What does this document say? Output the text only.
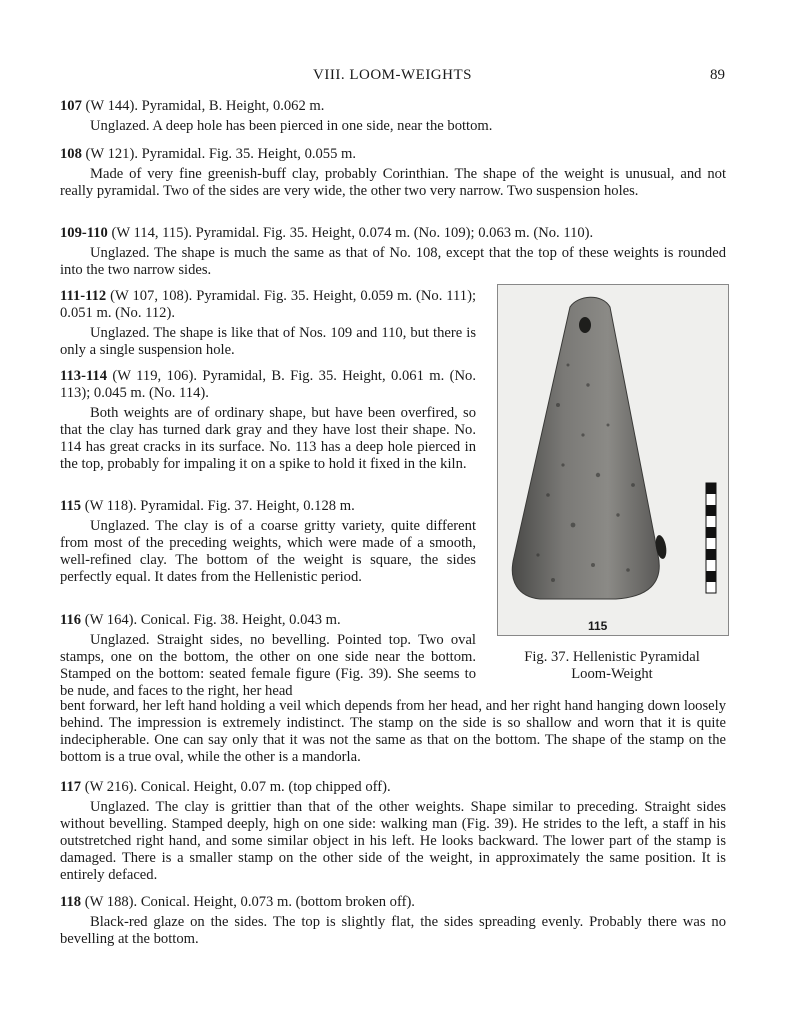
VIII. LOOM-WEIGHTS	89

107 (W 144). Pyramidal, B. Height, 0.062 m.

Unglazed. A deep hole has been pierced in one side, near the bottom.

108 (W 121). Pyramidal. Fig. 35. Height, 0.055 m.

Made of very fine greenish-buff clay, probably Corinthian. The shape of the weight is unusual, and not really pyramidal. Two of the sides are very wide, the other two very narrow. Two suspension holes.

109-110 (W 114, 115). Pyramidal. Fig. 35. Height, 0.074 m. (No. 109); 0.063 m. (No. 110).

Unglazed. The shape is much the same as that of No. 108, except that the top of these weights is rounded into the two narrow sides.

111-112 (W 107, 108). Pyramidal. Fig. 35. Height, 0.059 m. (No. 111); 0.051 m. (No. 112).

Unglazed. The shape is like that of Nos. 109 and 110, but there is only a single suspension hole.

113-114 (W 119, 106). Pyramidal, B. Fig. 35. Height, 0.061 m. (No. 113); 0.045 m. (No. 114).

Both weights are of ordinary shape, but have been overfired, so that the clay has turned dark gray and they have lost their shape. No. 114 has great cracks in its surface. No. 113 has a deep hole pierced in the top, probably for impaling it on a spike to hold it fixed in the kiln.

115 (W 118). Pyramidal. Fig. 37. Height, 0.128 m.

Unglazed. The clay is of a coarse gritty variety, quite different from most of the preceding weights, which were made of a smooth, well-refined clay. The bottom of the weight is square, the sides perfectly equal. It dates from the Hellenistic period.

116 (W 164). Conical. Fig. 38. Height, 0.043 m.

Unglazed. Straight sides, no bevelling. Pointed top. Two oval stamps, one on the bottom, the other on one side near the bottom. Stamped on the bottom: seated female figure (Fig. 39). She seems to be nude, and faces to the right, her head

bent forward, her left hand holding a veil which depends from her head, and her right hand hanging down loosely behind. The impression is extremely indistinct. The stamp on the side is so shallow and worn that it is quite indecipherable. One can say only that it was not the same as that on the bottom. The shape of the stamp on the bottom is a true oval, while the other is a mandorla.

117 (W 216). Conical. Height, 0.07 m. (top chipped off).

Unglazed. The clay is grittier than that of the other weights. Shape similar to preceding. Straight sides without bevelling. Stamped deeply, high on one side: walking man (Fig. 39). He strides to the left, a staff in his outstretched right hand, and some similar object in his left. He looks backward. The lower part of the stamp is damaged. There is a smaller stamp on the other side of the weight, in approximately the same position. It is entirely defaced.

118 (W 188). Conical. Height, 0.073 m. (bottom broken off).

Black-red glaze on the sides. The top is slightly flat, the sides spreading evenly. Probably there was no bevelling at the bottom.

115
Fig. 37. Hellenistic Pyramidal
Loom-Weight
